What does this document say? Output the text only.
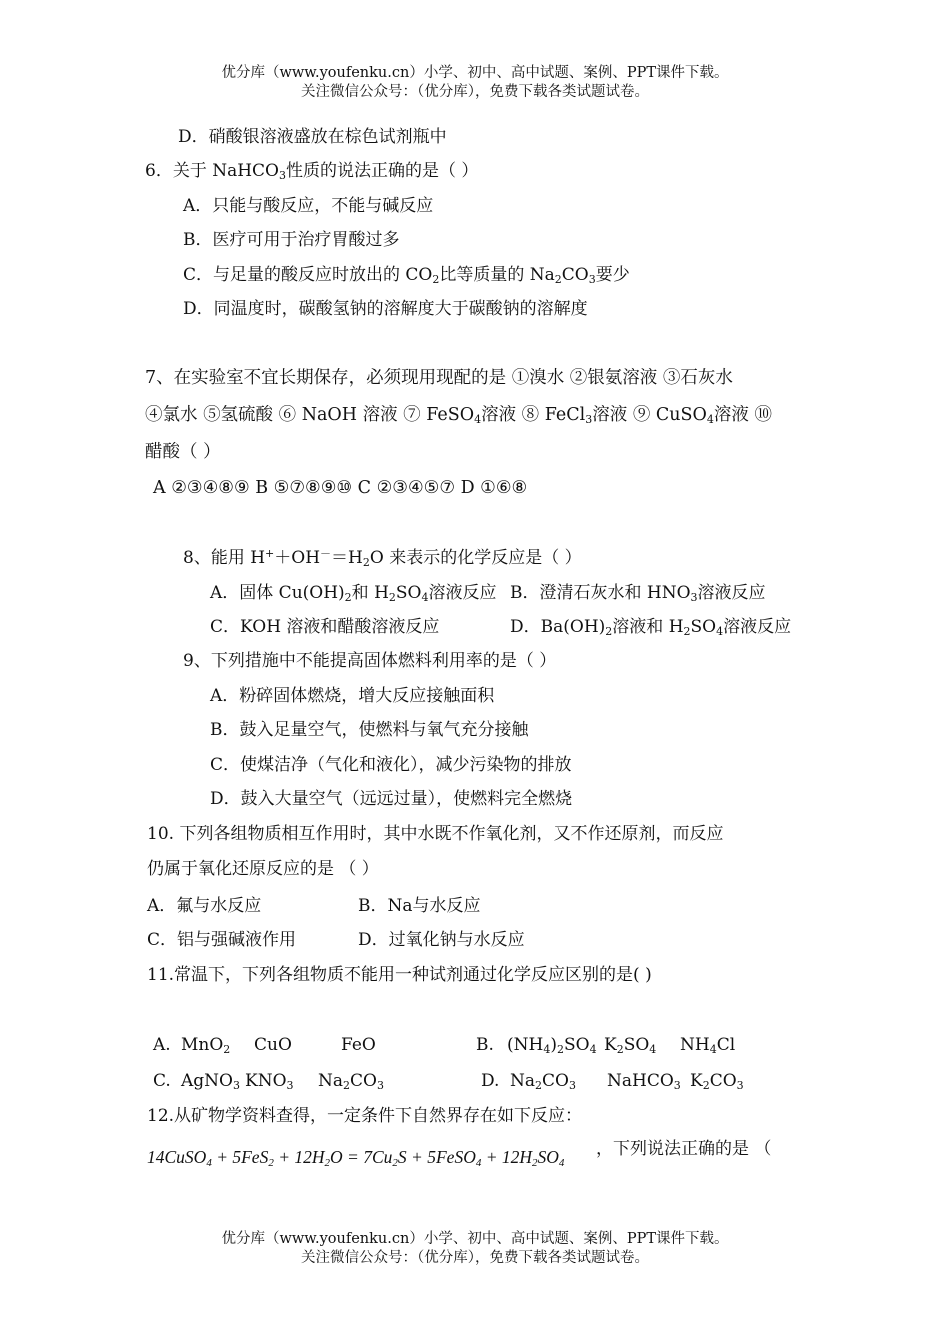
优分库（www.youfenku.cn）小学、初中、高中试题、案例、PPT课件下载。
关注微信公众号：（优分库），免费下载各类试题试卷。
D．硝酸银溶液盛放在棕色试剂瓶中
6．关于 NaHCO$_3$性质的说法正确的是（ ）
A．只能与酸反应，不能与碱反应
B．医疗可用于治疗胃酸过多
C．与足量的酸反应时放出的 $CO_2$比等质量的 $Na_2CO_3$要少
D．同温度时，碳酸氢钠的溶解度大于碳酸钠的溶解度
7、在实验室不宜长期保存，必须现用现配的是 ①溴水 ②银氨溶液 ③石灰水
④氯水 ⑤氢硫酸 ⑥ NaOH 溶液 ⑦ FeSO$_4$溶液 ⑧ FeCl$_3$溶液 ⑨ CuSO$_4$溶液 ⑩
醋酸（ ）
A ②③④⑧⑨ B ⑤⑦⑧⑨⑩ C ②③④⑤⑦ D ①⑥⑧
8、能用 $H^++OH^-=H_2O$ 来表示的化学反应是（ ）
A．固体 $Cu(OH)_2$和 $H_2SO_4$溶液反应 B．澄清石灰水和 $HNO_3$溶液反应
C．KOH 溶液和醋酸溶液反应	D．$Ba(OH)_2$溶液和 $H_2SO_4$溶液反应
9、下列措施中不能提高固体燃料利用率的是（ ）
A．粉碎固体燃烧，增大反应接触面积
B．鼓入足量空气，使燃料与氧气充分接触
C．使煤洁净（气化和液化），减少污染物的排放
D．鼓入大量空气（远远过量），使燃料完全燃烧
10. 下列各组物质相互作用时，其中水既不作氧化剂，又不作还原剂，而反应
仍属于氧化还原反应的是 （ ）
A．氟与水反应	B．Na与水反应
C．铝与强碱液作用	D．过氧化钠与水反应
11.常温下，下列各组物质不能用一种试剂通过化学反应区别的是( )
A. MnO$_2$ CuO	FeO	B. $(NH_4)_2SO_4$ $K_2SO_4$ $NH_4Cl$
C. AgNO$_3$ $KNO_3$ $Na_2CO_3$	D. $Na_2CO_3$ NaHCO$_3$ $K_2CO_3$
12.从矿物学资料查得，一定条件下自然界存在如下反应：
14CuSO$_4$ + $5FeS_2 + 12H_2O = 7Cu_2S$ + 5FeSO$_4$ + $12H_2SO_4$
，下列说法正确的是 （
优分库（www.youfenku.cn）小学、初中、高中试题、案例、PPT课件下载。
关注微信公众号：（优分库），免费下载各类试题试卷。
